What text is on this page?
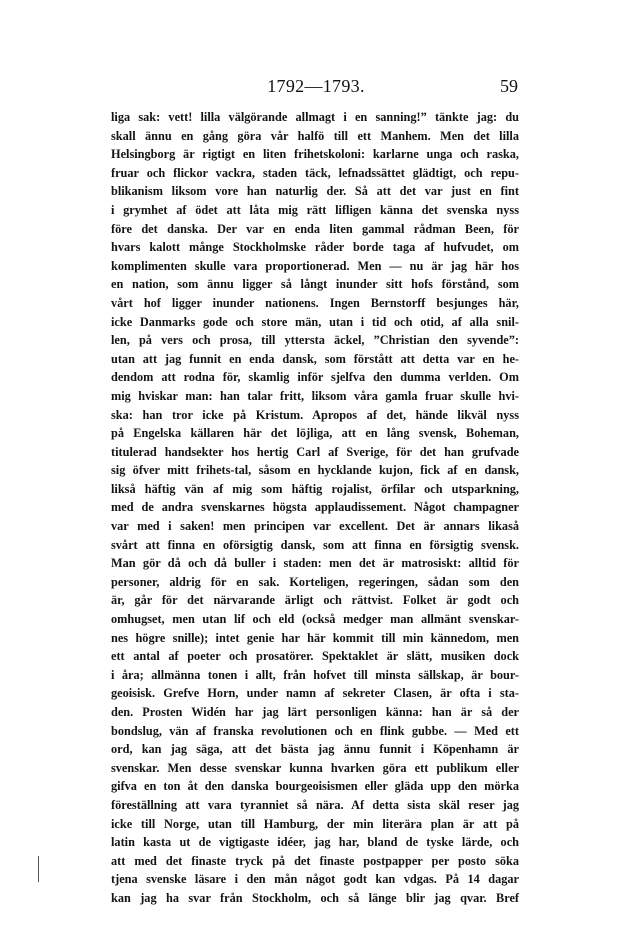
1792—1793.	59
liga sak: vett! lilla välgörande allmagt i en sanning!” tänkte jag: du
skall ännu en gång göra vår halfö till ett Manhem. Men det lilla
Helsingborg är rigtigt en liten frihetskoloni: karlarne unga och raska,
fruar och flickor vackra, staden täck, lefnadssättet glädtigt, och repu-
blikanism liksom vore han naturlig der. Så att det var just en fint
i grymhet af ödet att låta mig rätt lifligen känna det svenska nyss
före det danska. Der var en enda liten gammal rådman Been, för
hvars kalott månge Stockholmske råder borde taga af hufvudet, om
komplimenten skulle vara proportionerad. Men — nu är jag här hos
en nation, som ännu ligger så långt inunder sitt hofs förstånd, som
vårt hof ligger inunder nationens. Ingen Bernstorff besjunges här,
icke Danmarks gode och store män, utan i tid och otid, af alla snil-
len, på vers och prosa, till yttersta äckel, ”Christian den syvende”:
utan att jag funnit en enda dansk, som förstått att detta var en he-
dendom att rodna för, skamlig inför sjelfva den dumma verlden. Om
mig hviskar man: han talar fritt, liksom våra gamla fruar skulle hvi-
ska: han tror icke på Kristum. Apropos af det, hände likväl nyss
på Engelska källaren här det löjliga, att en lång svensk, Boheman,
titulerad handsekter hos hertig Carl af Sverige, för det han grufvade
sig öfver mitt frihets-tal, såsom en hycklande kujon, fick af en dansk,
likså häftig vän af mig som häftig rojalist, örfilar och utsparkning,
med de andra svenskarnes högsta applaudissement. Något champagner
var med i saken! men principen var excellent. Det är annars likaså
svårt att finna en oförsigtig dansk, som att finna en försigtig svensk.
Man gör då och då buller i staden: men det är matrosiskt: alltid för
personer, aldrig för en sak. Korteligen, regeringen, sådan som den
är, går för det närvarande ärligt och rättvist. Folket är godt och
omhugset, men utan lif och eld (också medger man allmänt svenskar-
nes högre snille); intet genie har här kommit till min kännedom, men
ett antal af poeter och prosatörer. Spektaklet är slätt, musiken dock
i åra; allmänna tonen i allt, från hofvet till minsta sällskap, är bour-
geoisisk. Grefve Horn, under namn af sekreter Clasen, är ofta i sta-
den. Prosten Widén har jag lärt personligen känna: han är så der
bondslug, vän af franska revolutionen och en flink gubbe. — Med ett
ord, kan jag säga, att det bästa jag ännu funnit i Köpenhamn är
svenskar. Men desse svenskar kunna hvarken göra ett publikum eller
gifva en ton åt den danska bourgeoisismen eller gläda upp den mörka
föreställning att vara tyranniet så nära. Af detta sista skäl reser jag
icke till Norge, utan till Hamburg, der min literära plan är att på
latin kasta ut de vigtigaste idéer, jag har, bland de tyske lärde, och
att med det finaste tryck på det finaste postpapper per posto söka
tjena svenske läsare i den mån något godt kan vdgas. På 14 dagar
kan jag ha svar från Stockholm, och så länge blir jag qvar. Bref
